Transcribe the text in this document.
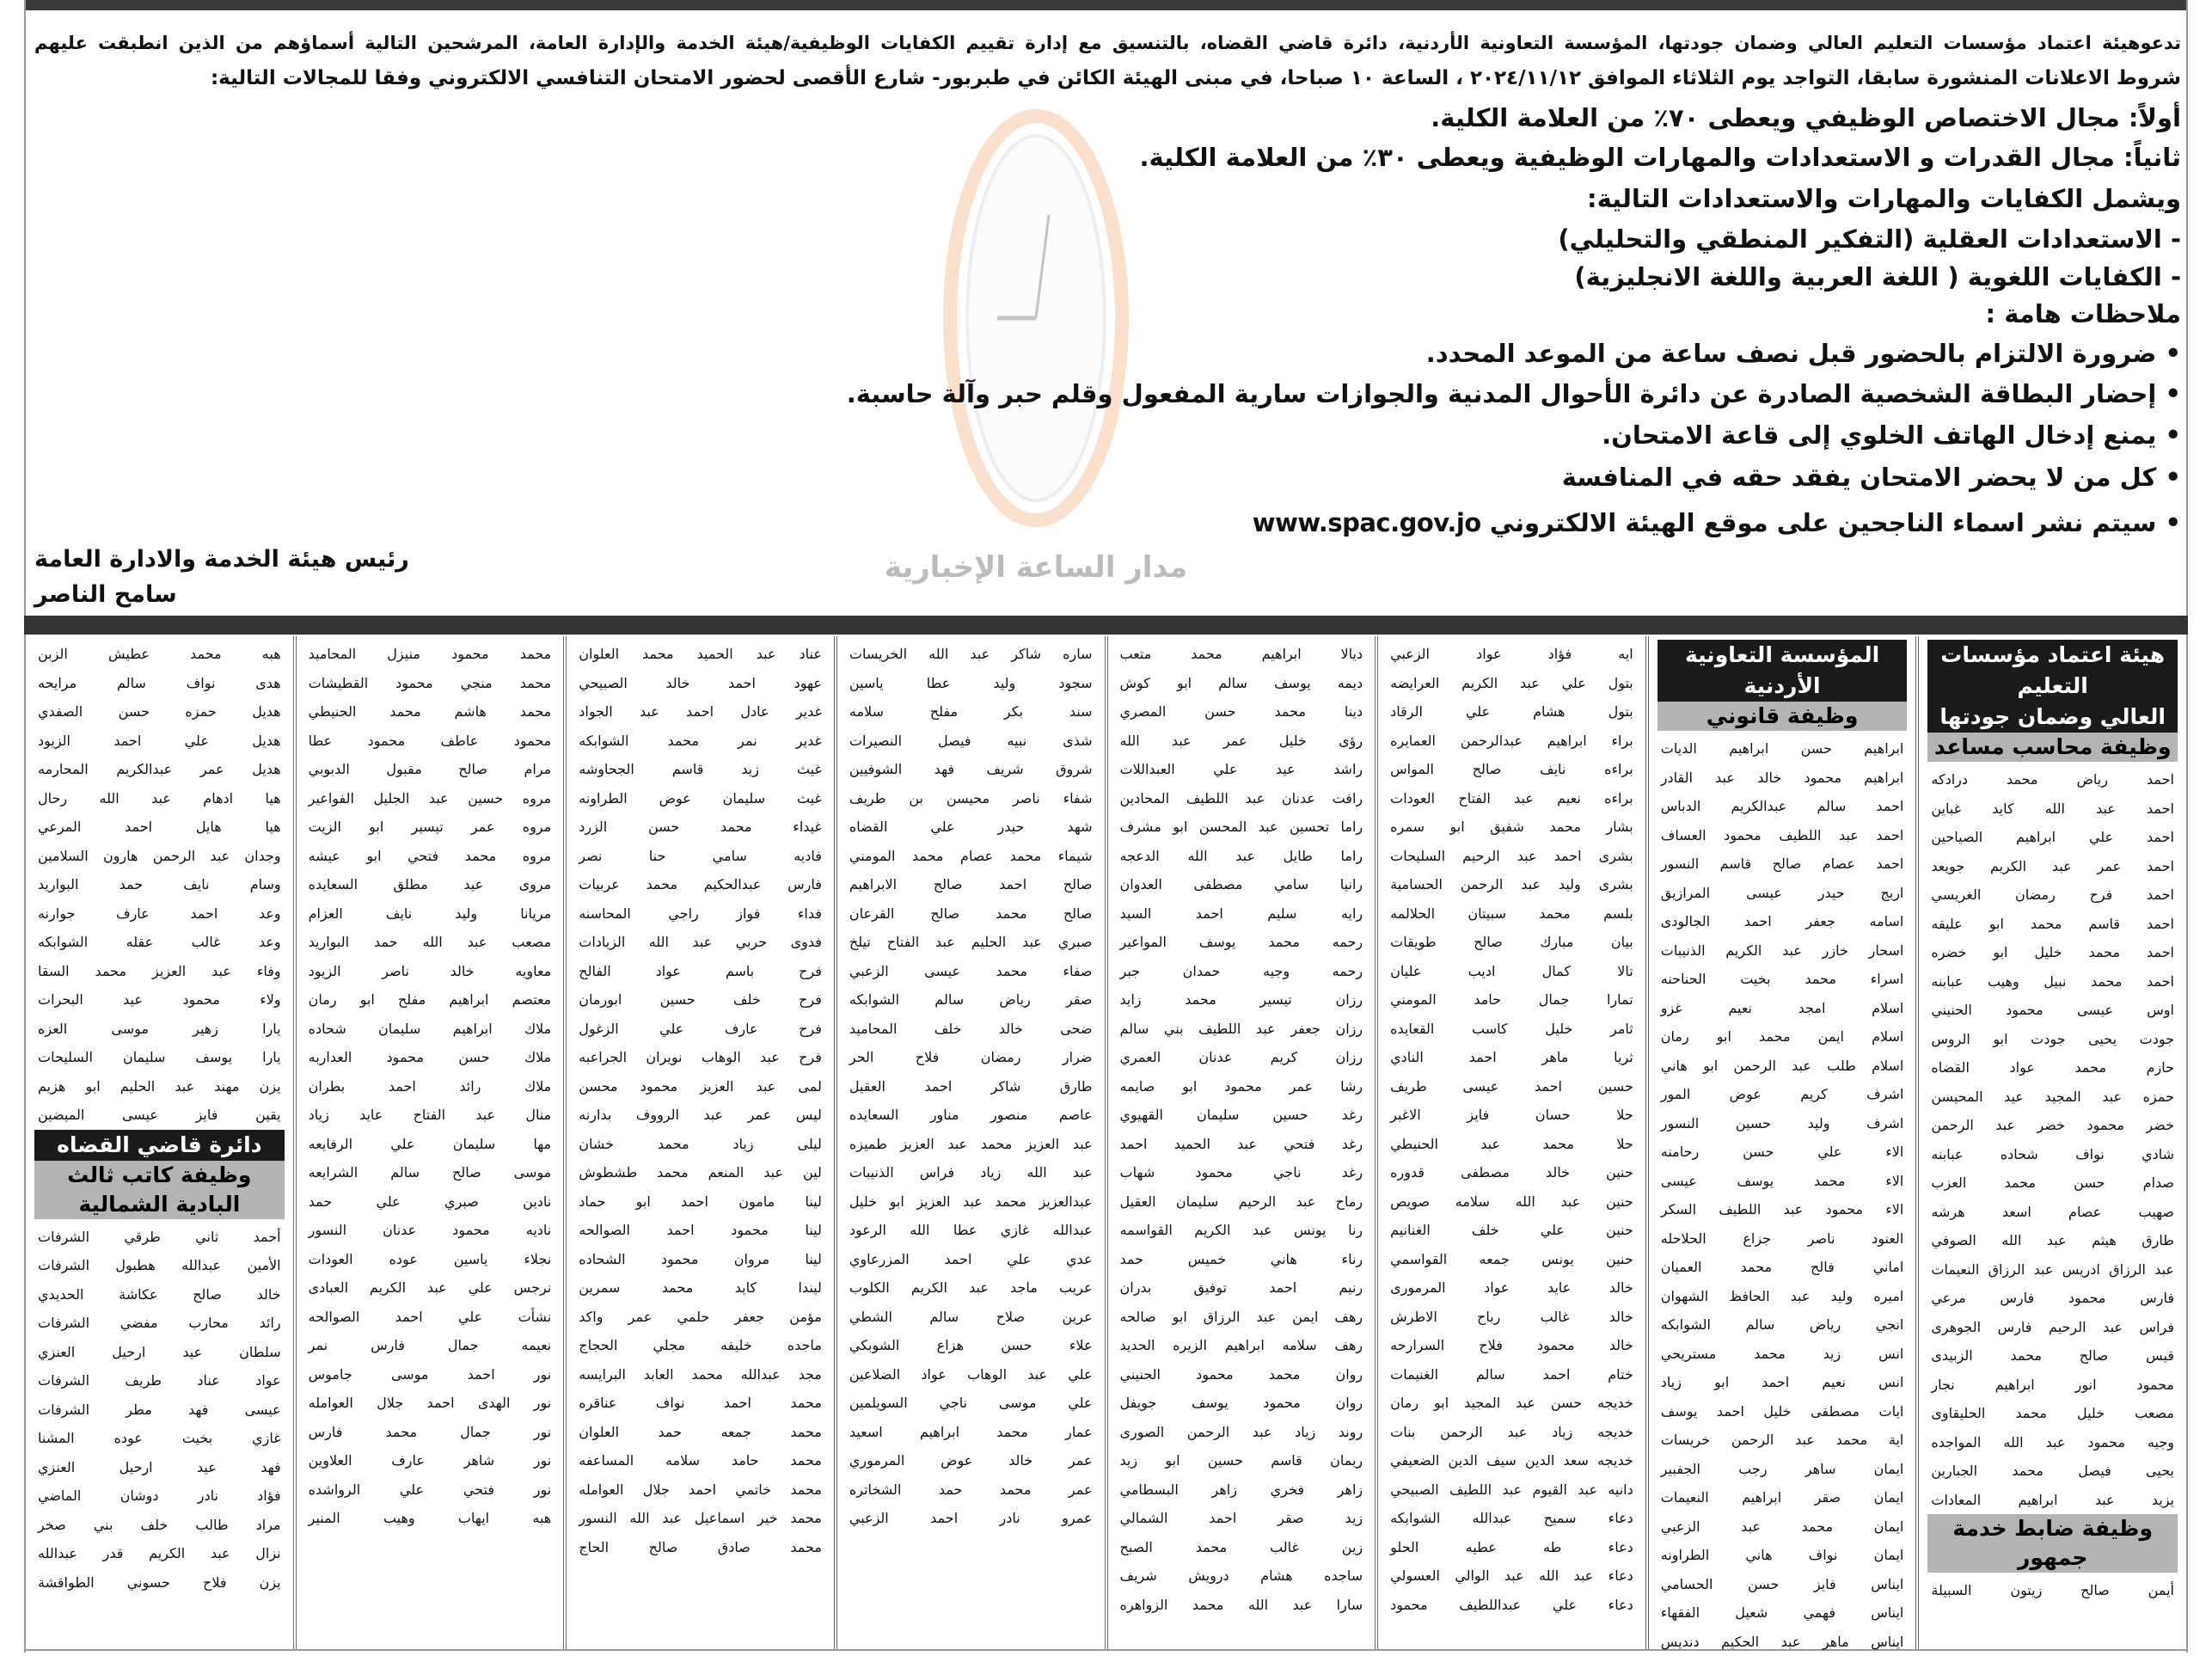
تدعوهيئة اعتماد مؤسسات التعليم العالي وضمان جودتها، المؤسسة التعاونية الأردنية، دائرة قاضي القضاه، بالتنسيق مع إدارة تقييم الكفايات الوظيفية/هيئة الخدمة والإدارة العامة، المرشحين التالية أسماؤهم من الذين انطبقت عليهم
شروط الاعلانات المنشورة سابقا، التواجد يوم الثلاثاء الموافق ٢٠٢٤/١١/١٢ ، الساعة ١٠ صباحا، في مبنى الهيئة الكائن في طبربور- شارع الأقصى لحضور الامتحان التنافسي الالكتروني وفقا للمجالات التالية:
أولاً: مجال الاختصاص الوظيفي ويعطى ٧٠٪ من العلامة الكلية.
ثانياً: مجال القدرات و الاستعدادات والمهارات الوظيفية ويعطى ٣٠٪ من العلامة الكلية.
ويشمل الكفايات والمهارات والاستعدادات التالية:
- الاستعدادات العقلية (التفكير المنطقي والتحليلي)
- الكفايات اللغوية ( اللغة العربية واللغة الانجليزية)
ملاحظات هامة :
• ضرورة الالتزام بالحضور قبل نصف ساعة من الموعد المحدد.
• إحضار البطاقة الشخصية الصادرة عن دائرة الأحوال المدنية والجوازات سارية المفعول وقلم حبر وآلة حاسبة.
• يمنع إدخال الهاتف الخلوي إلى قاعة الامتحان.
• كل من لا يحضر الامتحان يفقد حقه في المنافسة
• سيتم نشر اسماء الناجحين على موقع الهيئة الالكتروني www.spac.gov.jo
مدار الساعة الإخبارية
رئيس هيئة الخدمة والادارة العامة
سامح الناصر
هيئة اعتماد مؤسسات التعليم
العالي وضمان جودتها
وظيفة محاسب مساعد
احمد رياض محمد درادكه
احمد عبد الله كايد غباين
احمد علي ابراهيم الصياحين
احمد عمر عبد الكريم جويعد
احمد فرح رمضان الغريسي
احمد قاسم محمد ابو عليقه
احمد محمد خليل ابو خضره
احمد محمد نبيل وهيب عبابنه
اوس عيسى محمود الحنيني
جودت يحيى جودت ابو الروس
حازم محمد عواد القضاه
حمزه عبد المجيد عيد المحيسن
خضر محمود خضر عبد الرحمن
شادي نواف شحاده عبابنه
صدام حسن محمد العزب
صهيب عصام اسعد هرشه
طارق هيثم عبد الله الصوفي
عبد الرزاق ادريس عبد الرزاق النعيمات
فارس محمود فارس مرعي
فراس عبد الرحيم فارس الجوهرى
قيس صالح محمد الزبيدى
محمود انور ابراهيم نجار
مصعب خليل محمد الحليقاوى
وجيه محمود عبد الله المواجده
يحيى فيصل محمد الجبارين
يزيد عبد ابراهيم المعادات
وظيفة ضابط خدمة جمهور
أيمن صالح زيتون السبيلة
المؤسسة التعاونية الأردنية
وظيفة قانوني
ابراهيم حسن ابراهيم الديات
ابراهيم محمود خالد عبد القادر
احمد سالم عبدالكريم الدباس
احمد عبد اللطيف محمود العساف
احمد عصام صالح قاسم النسور
اريج حيدر عيسى المرازيق
اسامه جعفر احمد الجالودى
اسحار خازر عبد الكريم الذنيبات
اسراء محمد بخيت الحناحنه
اسلام امجد نعيم غزو
اسلام ايمن محمد ابو رمان
اسلام طلب عبد الرحمن ابو هاني
اشرف كريم عوض المور
اشرف وليد حسين النسور
الاء علي حسن رحامنه
الاء محمد يوسف عيسى
الاء محمود عبد اللطيف السكر
العنود ناصر جزاع الحلاحله
اماني فالح محمد العميان
اميره وليد عبد الحافظ الشهوان
انجي رياض سالم الشوابكه
انس زيد محمد مستريحي
انس نعيم احمد ابو زياد
ايات مصطفى خليل احمد يوسف
اية محمد عبد الرحمن خريسات
ايمان ساهر رجب الجفبير
ايمان صقر ابراهيم النعيمات
ايمان محمد عبد الزعبي
ايمان نواف هاني الطراونه
ايناس فايز حسن الحسامي
ايناس فهمي شعيل الفقهاء
ايناس ماهر عبد الحكيم دنديس
ايه فؤاد عواد الزعبي
بتول علي عبد الكريم العرايضه
بتول هشام علي الرقاد
براء ابراهيم عبدالرحمن العمايره
براءه نايف صالح المواس
براءه نعيم عبد الفتاح العودات
بشار محمد شفيق ابو سمره
بشرى احمد عبد الرحيم السليحات
بشرى وليد عبد الرحمن الحسامية
بلسم محمد سبيتان الحلالمه
بيان مبارك صالح طويقات
تالا كمال اديب عليان
تمارا جمال حامد المومني
ثامر خليل كاسب القعايده
ثريا ماهر احمد النادي
حسين احمد عيسى طريف
حلا حسان فايز الاغبر
حلا محمد عبد الحنيطي
حنين خالد مصطفى قدوره
حنين عبد الله سلامه صويص
حنين علي خلف الغنانيم
حنين يونس جمعه القواسمي
خالد عايد عواد المرمورى
خالد غالب رباح الاطرش
خالد محمود فلاح السرارحه
ختام احمد سالم الغنيمات
خديجه حسن عبد المجيد ابو رمان
خديجه زياد عبد الرحمن بنات
خديجه سعد الدين سيف الدين الضعيفي
دانيه عبد القيوم عبد اللطيف الصبيحي
دعاء سميح عبدالله الشوابكه
دعاء طه عطيه الحلو
دعاء عبد الله عبد الوالي العسولي
دعاء علي عبداللطيف محمود
ديالا ابراهيم محمد متعب
ديمه يوسف سالم ابو كوش
دينا محمد حسن المصري
رؤى خليل عمر عبد الله
راشد عيد علي العبداللات
رافت عدنان عبد اللطيف المحادين
راما تحسين عبد المحسن ابو مشرف
راما طايل عبد الله الدعجه
رانيا سامي مصطفى العدوان
رايه سليم احمد السيد
رحمه محمد يوسف المواعير
رحمه وجيه حمدان جبر
رزان تيسير محمد زايد
رزان جعفر عبد اللطيف بني سالم
رزان كريم عدنان العمري
رشا عمر محمود ابو صايمه
رغد حسين سليمان القهيوي
رغد فتحي عبد الحميد احمد
رغد ناجي محمود شهاب
رماح عبد الرحيم سليمان العقيل
رنا يونس عبد الكريم القواسمه
رناء هاني خميس حمد
رنيم احمد توفيق بدران
رهف ايمن عبد الرزاق ابو صالحه
رهف سلامه ابراهيم الزيره الحديد
روان محمد محمود الحنيني
روان محمود يوسف جويفل
روند زياد عبد الرحمن الصورى
ريمان قاسم حسين ابو زيد
زاهر فخري زاهر البسطامي
زيد صقر احمد الشمالي
زين غالب محمد الصبح
ساجده هشام درويش شريف
سارا عبد الله محمد الزواهره
ساره شاكر عبد الله الخريسات
سجود وليد عطا ياسين
سند بكر مفلح سلامه
شذى نبيه فيصل النصيرات
شروق شريف فهد الشوفيين
شفاء ناصر محيسن بن طريف
شهد حيدر علي القضاه
شيماء محمد عصام محمد المومني
صالح احمد صالح الابراهيم
صالح محمد صالح القرعان
صبري عبد الحليم عبد الفتاح تيلخ
صفاء محمد عيسى الزعبي
صقر رياض سالم الشوابكه
ضحى خالد خلف المحاميد
ضرار رمضان فلاح الحر
طارق شاكر احمد العقيل
عاصم منصور مناور السعايده
عبد العزيز محمد عبد العزيز طميزه
عبد الله زياد فراس الذنيبات
عبدالعزيز محمد عبد العزيز ابو خليل
عبدالله غازي عطا الله الرعود
عدي علي احمد المزرعاوي
عريب ماجد عبد الكريم الكلوب
عرين صلاح سالم الشطي
علاء حسن هزاع الشوبكي
علي عبد الوهاب عواد الضلاعين
علي موسى ناجي السويلمين
عمار محمد ابراهيم اسعيد
عمر خالد عوض المرموري
عمر محمد حمد الشخاتره
عمرو نادر احمد الزعبي
عناد عبد الحميد محمد العلوان
عهود احمد خالد الصبيحي
غدير عادل احمد عبد الجواد
غدير نمر محمد الشوابكه
غيث زيد قاسم الجحاوشه
غيث سليمان عوض الطراونه
غيداء محمد حسن الزرد
فاديه سامي حنا نصر
فارس عبدالحكيم محمد عربيات
فداء فواز راجي المحاسنه
فدوى حربي عبد الله الزيادات
فرح باسم عواد الفالح
فرح خلف حسين ابورمان
فرح عارف علي الزغول
فرح عبد الوهاب نويران الجراعبه
لمى عبد العزيز محمود محسن
ليس عمر عبد الرووف بدارنه
ليلى زياد محمد خشان
لين عبد المنعم محمد طشطوش
لينا مامون احمد ابو حماد
لينا محمود احمد الصوالحه
لينا مروان محمود الشحاده
ليندا كايد محمد سمرين
مؤمن جعفر حلمي عمر واكد
ماجده خليفه مجلي الحجاج
مجد عبدالله محمد العابد البرايسه
محمد احمد نواف عناقره
محمد جمعه حمد العلوان
محمد حامد سلامه المساعفه
محمد خاتمي احمد جلال العوامله
محمد خير اسماعيل عبد الله النسور
محمد صادق صالح الحاج
محمد محمود منيزل المحاميد
محمد منجي محمود القطيشات
محمد هاشم محمد الحنيطي
محمود عاطف محمود عطا
مرام صالح مقبول الدبوبي
مروه حسين عبد الجليل الفواعير
مروه عمر تيسير ابو الزيت
مروه محمد فتحي ابو عيشه
مروى عيد مطلق السعايده
مريانا وليد نايف العزام
مصعب عبد الله حمد البواريد
معاويه خالد ناصر الزيود
معتصم ابراهيم مفلح ابو رمان
ملاك ابراهيم سليمان شحاده
ملاك حسن محمود العداربه
ملاك رائد احمد بطران
منال عبد الفتاح عايد زياد
مها سليمان علي الرفايعه
موسى صالح سالم الشرايعه
نادين صبري علي حمد
ناديه محمود عدنان النسور
نجلاء ياسين عوده العودات
نرجس علي عبد الكريم العبادى
نشأت علي احمد الصوالحه
نعيمه جمال فارس نمر
نور احمد موسى جاموس
نور الهدى احمد جلال العوامله
نور جمال محمد فارس
نور شاهر عارف العلاوين
نور فتحي علي الرواشده
هبه ايهاب وهيب المنير
هبه محمد عطيش الزبن
هدى نواف سالم مرايحه
هديل حمزه حسن الصفدي
هديل علي احمد الزيود
هديل عمر عبدالكريم المحارمه
هيا ادهام عبد الله رحال
هيا هايل احمد المرعي
وجدان عبد الرحمن هارون السلامين
وسام نايف حمد البواريد
وعد احمد عارف جوارنه
وعد غالب عقله الشوابكه
وفاء عبد العزيز محمد السقا
ولاء محمود عيد البحرات
يارا زهير موسى العزه
يارا يوسف سليمان السليحات
يزن مهند عبد الحليم ابو هزيم
يقين فايز عيسى الميضين
دائرة قاضي القضاه
وظيفة كاتب ثالث
البادية الشمالية
أحمد ثاني طرقي الشرفات
الأمين عبدالله هطبول الشرفات
خالد صالح عكاشة الحديدي
رائد محارب مفضي الشرفات
سلطان عيد ارحيل العنزي
عواد عناد طريف الشرفات
عيسى فهد مطر الشرفات
غازي بخيت عوده المشنا
فهد عيد ارحيل العنزي
فؤاد نادر دوشان الماضي
مراد طالب خلف بني صخر
نزال عبد الكريم قدر عبدالله
يزن فلاح حسوني الطواقشة
